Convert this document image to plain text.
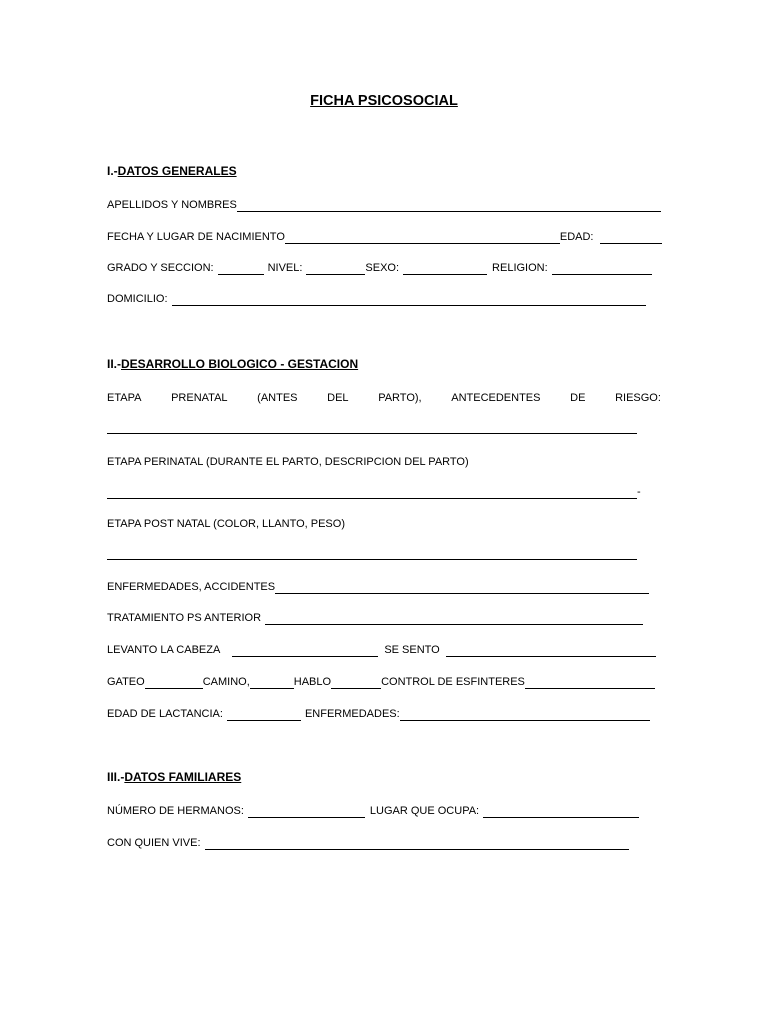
FICHA PSICOSOCIAL
I.- DATOS GENERALES
APELLIDOS Y NOMBRES
FECHA Y LUGAR DE NACIMIENTO	EDAD:
GRADO Y SECCION:	NIVEL:	SEXO:	RELIGION:
DOMICILIO:
II.- DESARROLLO BIOLOGICO - GESTACION
ETAPA	PRENATAL	(ANTES	DEL	PARTO),	ANTECEDENTES	DE	RIESGO:
ETAPA PERINATAL (DURANTE EL PARTO, DESCRIPCION DEL PARTO)
-
ETAPA POST NATAL (COLOR, LLANTO, PESO)
ENFERMEDADES, ACCIDENTES
TRATAMIENTO PS ANTERIOR
LEVANTO LA CABEZA	SE SENTO
GATEO	CAMINO,	HABLO	CONTROL DE ESFINTERES
EDAD DE LACTANCIA:	ENFERMEDADES:
III.- DATOS FAMILIARES
NÚMERO DE HERMANOS:	LUGAR QUE OCUPA:
CON QUIEN VIVE:
